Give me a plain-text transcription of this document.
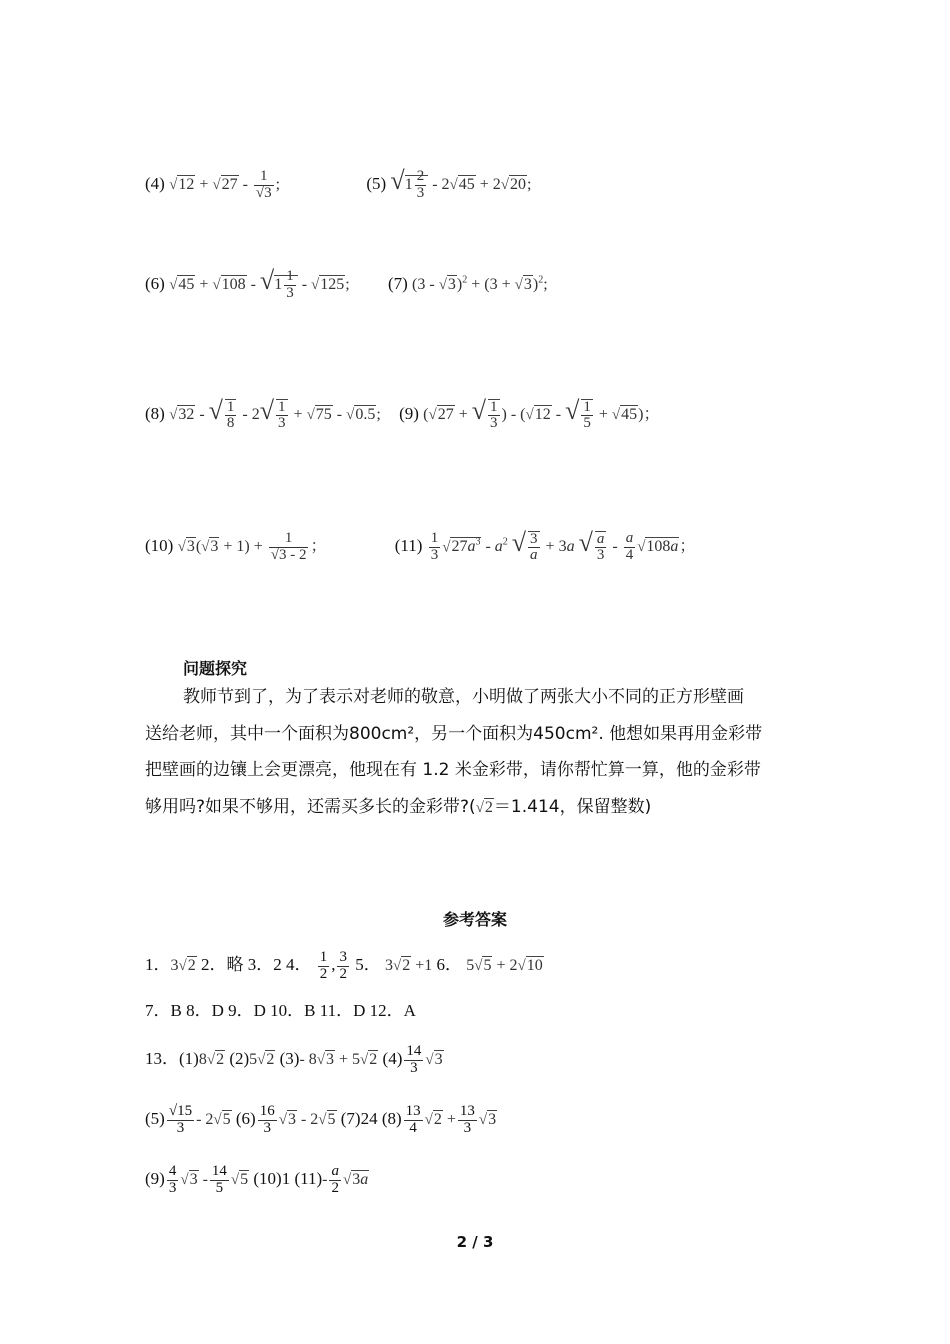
(4) $√12 + √27 - \frac{1}{√3}$ ;	(5) $√1 \frac{2}{3} - 2√45 + 2√20$;
(6) $√45 + √108 - √1 \frac{1}{3} - √125$;  (7) $(3 - √3)^2 + (3 + √3)^2$;
(8) √32 - √ $\frac{1}{8} - 2√ \frac{1}{3} + √75 - √0.5$;  (9) (√27 + √ $\frac{1}{3}$ ) - (√12 - √ $\frac{1}{5} + √45$)；
(10) $√3(√3 + 1) + \frac{1}{√3 - 2}$ ；	$(11) \frac{1}{3} √27a^3 - a^2$ √ $\frac{3}{a} + 3a$ √ $\frac{a}{3} - \frac{a}{4} √108a$；
问题探究

教师节到了，为了表示对老师的敬意，小明做了两张大小不同的正方形壁画

送给老师，其中一个面积为800cm²，另一个面积为450cm². 他想如果再用金彩带

把壁画的边镶上会更漂亮，他现在有 1.2 米金彩带，请你帮忙算一算，他的金彩带

够用吗?如果不够用，还需买多长的金彩带?(√2＝1.414，保留整数)

参考答案
1．3√2 2．略 3．2 4． $\frac{1}{2}$ , $\frac{3}{2} 5$． 3√2 +1 6． 5√5 + 2√10
7．B 8．D 9．D 10．B 11．D 12．A
13．(1)8√2 (2)5√2 (3)- 8√3 + 5√2 $(4) \frac{14}{3} √3$
$(5) \frac{√15}{3} - 2√5$ $(6) \frac{16}{3} √3 - 2√5$ (7)24 $(8) \frac{13}{4} √2 + \frac{13}{3} √3$
$(9) \frac{4}{3} √3 - \frac{14}{5} √5$ (10)1 $(11)- \frac{a}{2} √3a$
2 / 3
